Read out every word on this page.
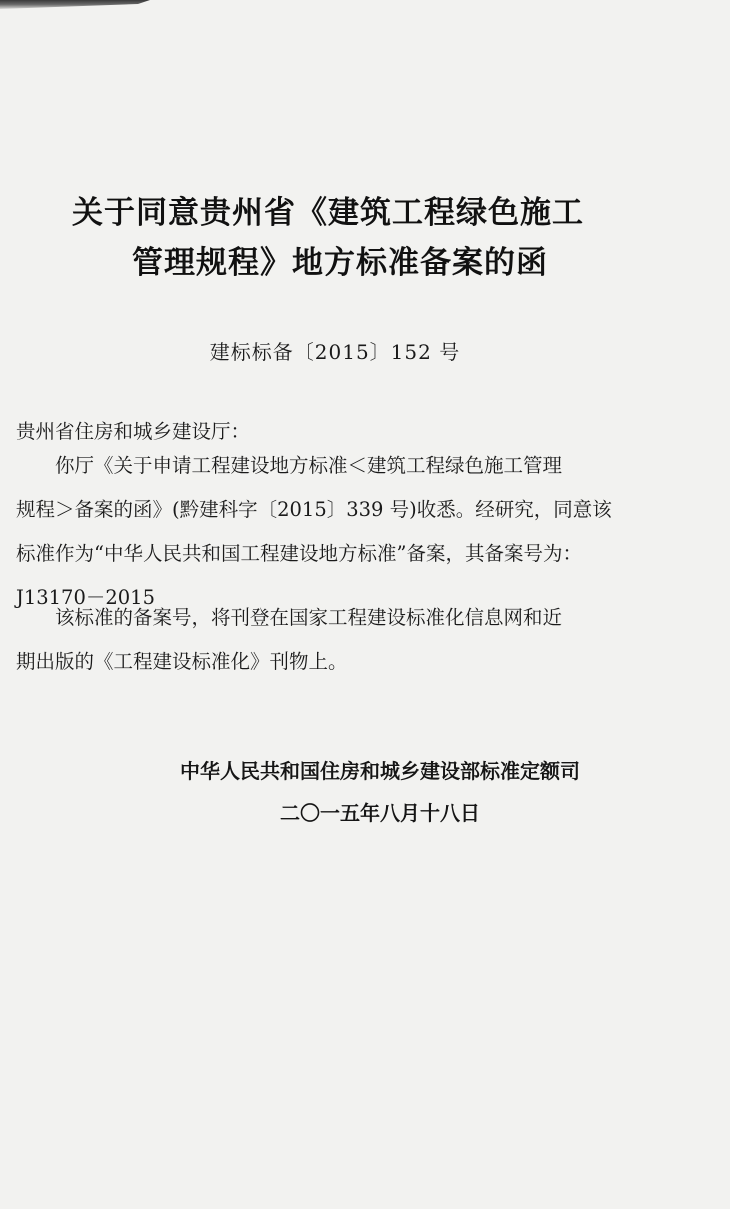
关于同意贵州省《建筑工程绿色施工
管理规程》地方标准备案的函
建标标备〔2015〕152 号

贵州省住房和城乡建设厅：

你厅《关于申请工程建设地方标准＜建筑工程绿色施工管理
规程＞备案的函》(黔建科字〔2015〕339 号)收悉。经研究，同意该
标准作为“中华人民共和国工程建设地方标准”备案，其备案号为：
J13170－2015

该标准的备案号，将刊登在国家工程建设标准化信息网和近
期出版的《工程建设标准化》刊物上。

中华人民共和国住房和城乡建设部标准定额司
二〇一五年八月十八日
